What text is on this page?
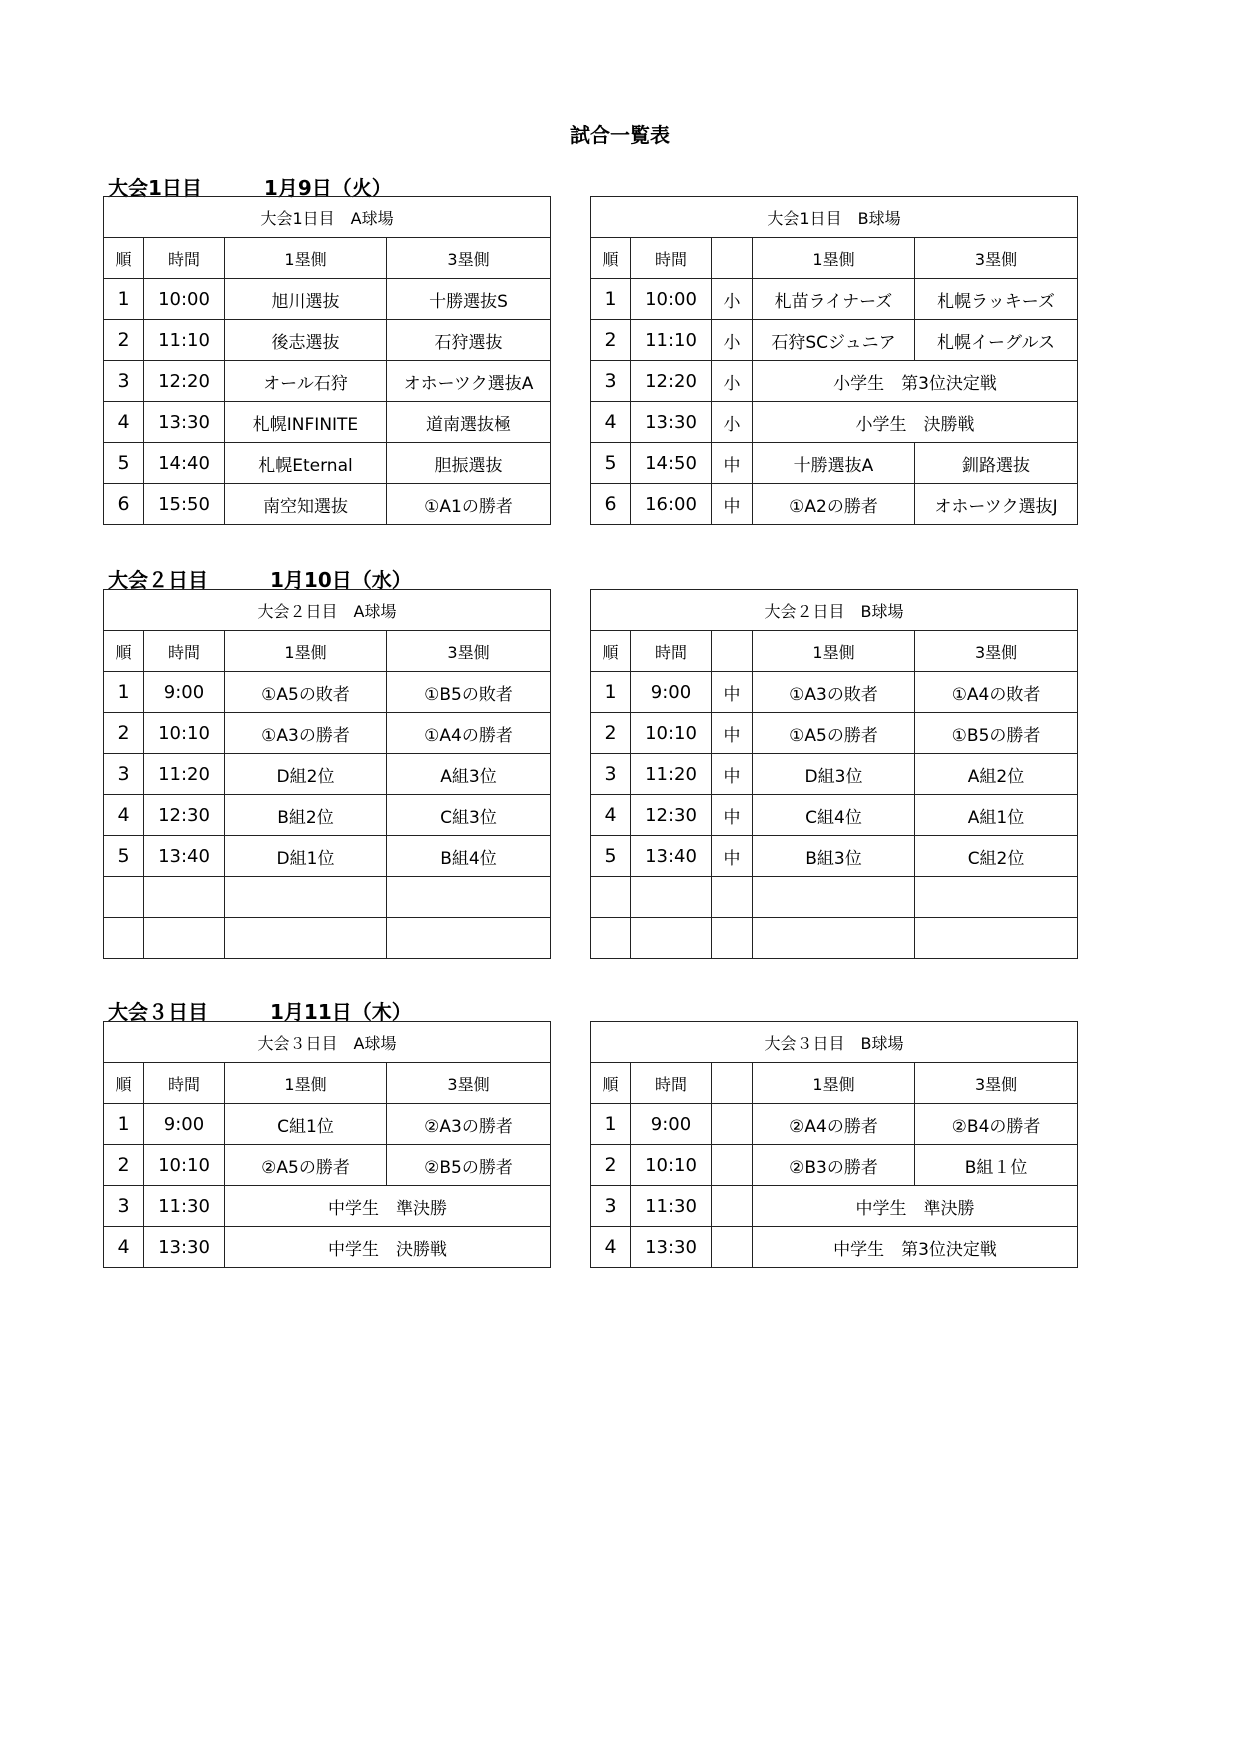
試合一覧表
大会1日目	1月9日（火）
大会1日目　A球場			
順	時間	1塁側	3塁側
1	10:00	旭川選抜	十勝選抜S
2	11:10	後志選抜	石狩選抜
3	12:20	オール石狩	オホーツク選抜A
4	13:30	札幌INFINITE	道南選抜極
5	14:40	札幌Eternal	胆振選抜
6	15:50	南空知選抜	①A1の勝者
大会1日目　B球場				
順	時間		1塁側	3塁側
1	10:00	小	札苗ライナーズ	札幌ラッキーズ
2	11:10	小	石狩SCジュニア	札幌イーグルス
3	12:20	小	小学生　第3位決定戦	
4	13:30	小	小学生　決勝戦	
5	14:50	中	十勝選抜A	釧路選抜
6	16:00	中	①A2の勝者	オホーツク選抜J
大会２日目	1月10日（水）
大会２日目　A球場			
順	時間	1塁側	3塁側
1	9:00	①A5の敗者	①B5の敗者
2	10:10	①A3の勝者	①A4の勝者
3	11:20	D組2位	A組3位
4	12:30	B組2位	C組3位
5	13:40	D組1位	B組4位

大会２日目　B球場				
順	時間		1塁側	3塁側
1	9:00	中	①A3の敗者	①A4の敗者
2	10:10	中	①A5の勝者	①B5の勝者
3	11:20	中	D組3位	A組2位
4	12:30	中	C組4位	A組1位
5	13:40	中	B組3位	C組2位

大会３日目	1月11日（木）
大会３日目　A球場			
順	時間	1塁側	3塁側
1	9:00	C組1位	②A3の勝者
2	10:10	②A5の勝者	②B5の勝者
3	11:30	中学生　準決勝	
4	13:30	中学生　決勝戦	
大会３日目　B球場				
順	時間		1塁側	3塁側
1	9:00		②A4の勝者	②B4の勝者
2	10:10		②B3の勝者	B組１位
3	11:30		中学生　準決勝	
4	13:30		中学生　第3位決定戦	
